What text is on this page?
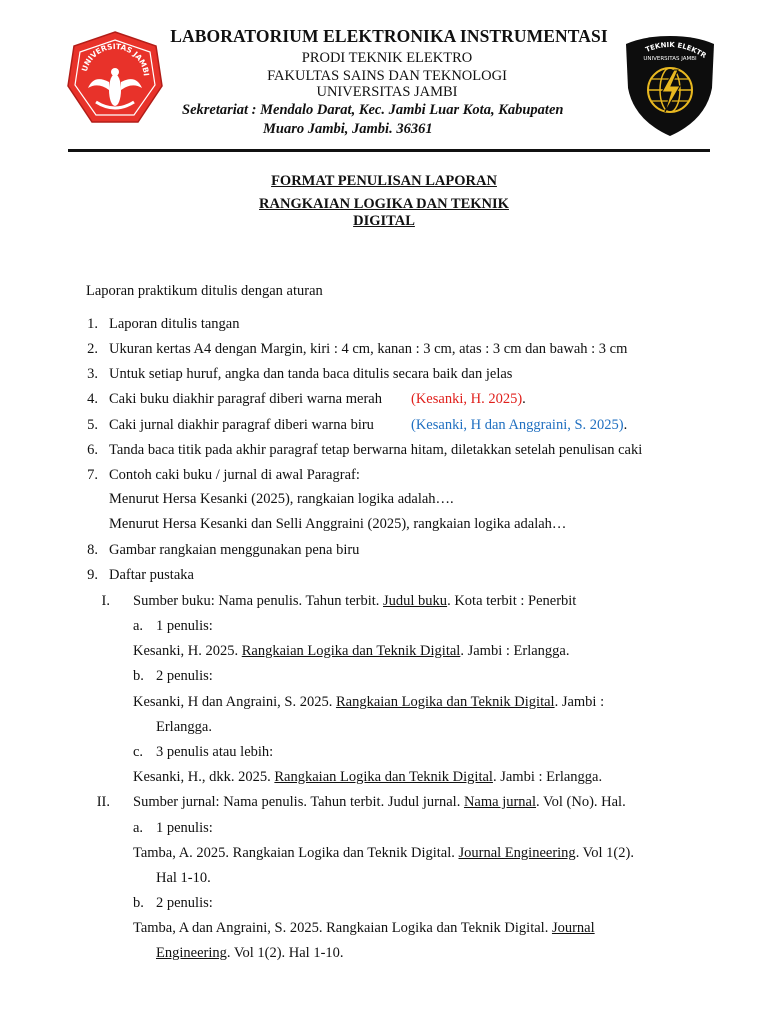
UNIVERSITAS JAMBI
TEKNIK ELEKTR
UNIVERSITAS JAMBI
LABORATORIUM ELEKTRONIKA INSTRUMENTASI
PRODI TEKNIK ELEKTRO
FAKULTAS SAINS DAN TEKNOLOGI
UNIVERSITAS JAMBI
Sekretariat : Mendalo Darat, Kec. Jambi Luar Kota, Kabupaten
Muaro Jambi, Jambi. 36361
FORMAT PENULISAN LAPORAN
RANGKAIAN LOGIKA DAN TEKNIK
DIGITAL
Laporan praktikum ditulis dengan aturan
1. Laporan ditulis tangan
2. Ukuran kertas A4 dengan Margin, kiri : 4 cm, kanan : 3 cm, atas : 3 cm dan bawah : 3 cm
3. Untuk setiap huruf, angka dan tanda baca ditulis secara baik dan jelas
4. Caki buku diakhir paragraf diberi warna merah (Kesanki, H. 2025).
5. Caki jurnal diakhir paragraf diberi warna biru	(Kesanki, H dan Anggraini, S. 2025).
6. Tanda baca titik pada akhir paragraf tetap berwarna hitam, diletakkan setelah penulisan caki
7. Contoh caki buku / jurnal di awal Paragraf:
Menurut Hersa Kesanki (2025), rangkaian logika adalah….
Menurut Hersa Kesanki dan Selli Anggraini (2025), rangkaian logika adalah…
8. Gambar rangkaian menggunakan pena biru
9. Daftar pustaka
I. Sumber buku: Nama penulis. Tahun terbit. Judul buku. Kota terbit : Penerbit
a. 1 penulis:
Kesanki, H. 2025. Rangkaian Logika dan Teknik Digital. Jambi : Erlangga.
b. 2 penulis:
Kesanki, H dan Angraini, S. 2025. Rangkaian Logika dan Teknik Digital. Jambi :
Erlangga.
c. 3 penulis atau lebih:
Kesanki, H., dkk. 2025. Rangkaian Logika dan Teknik Digital. Jambi : Erlangga.
II. Sumber jurnal: Nama penulis. Tahun terbit. Judul jurnal. Nama jurnal. Vol (No). Hal.
a. 1 penulis:
Tamba, A. 2025. Rangkaian Logika dan Teknik Digital. Journal Engineering. Vol 1(2).
Hal 1-10.
b. 2 penulis:
Tamba, A dan Angraini, S. 2025. Rangkaian Logika dan Teknik Digital. Journal
Engineering. Vol 1(2). Hal 1-10.
